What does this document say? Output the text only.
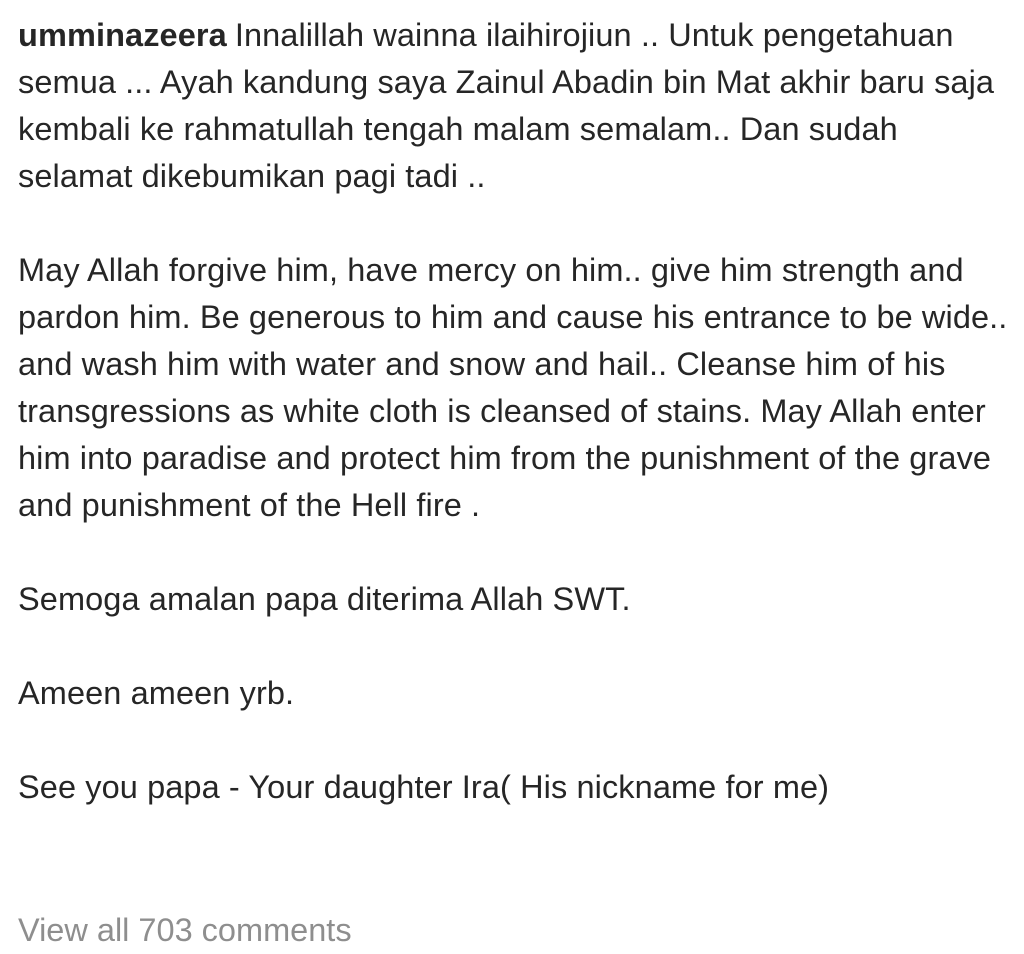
umminazeera Innalillah wainna ilaihirojiun .. Untuk pengetahuan semua ... Ayah kandung saya Zainul Abadin bin Mat akhir baru saja kembali ke rahmatullah tengah malam semalam.. Dan sudah selamat dikebumikan pagi tadi ..

May Allah forgive him, have mercy on him.. give him strength and pardon him. Be generous to him and cause his entrance to be wide.. and wash him with water and snow and hail.. Cleanse him of his transgressions as white cloth is cleansed of stains. May Allah enter him into paradise and protect him from the punishment of the grave and punishment of the Hell fire .

Semoga amalan papa diterima Allah SWT.

Ameen ameen yrb.

See you papa - Your daughter Ira( His nickname for me)

View all 703 comments
